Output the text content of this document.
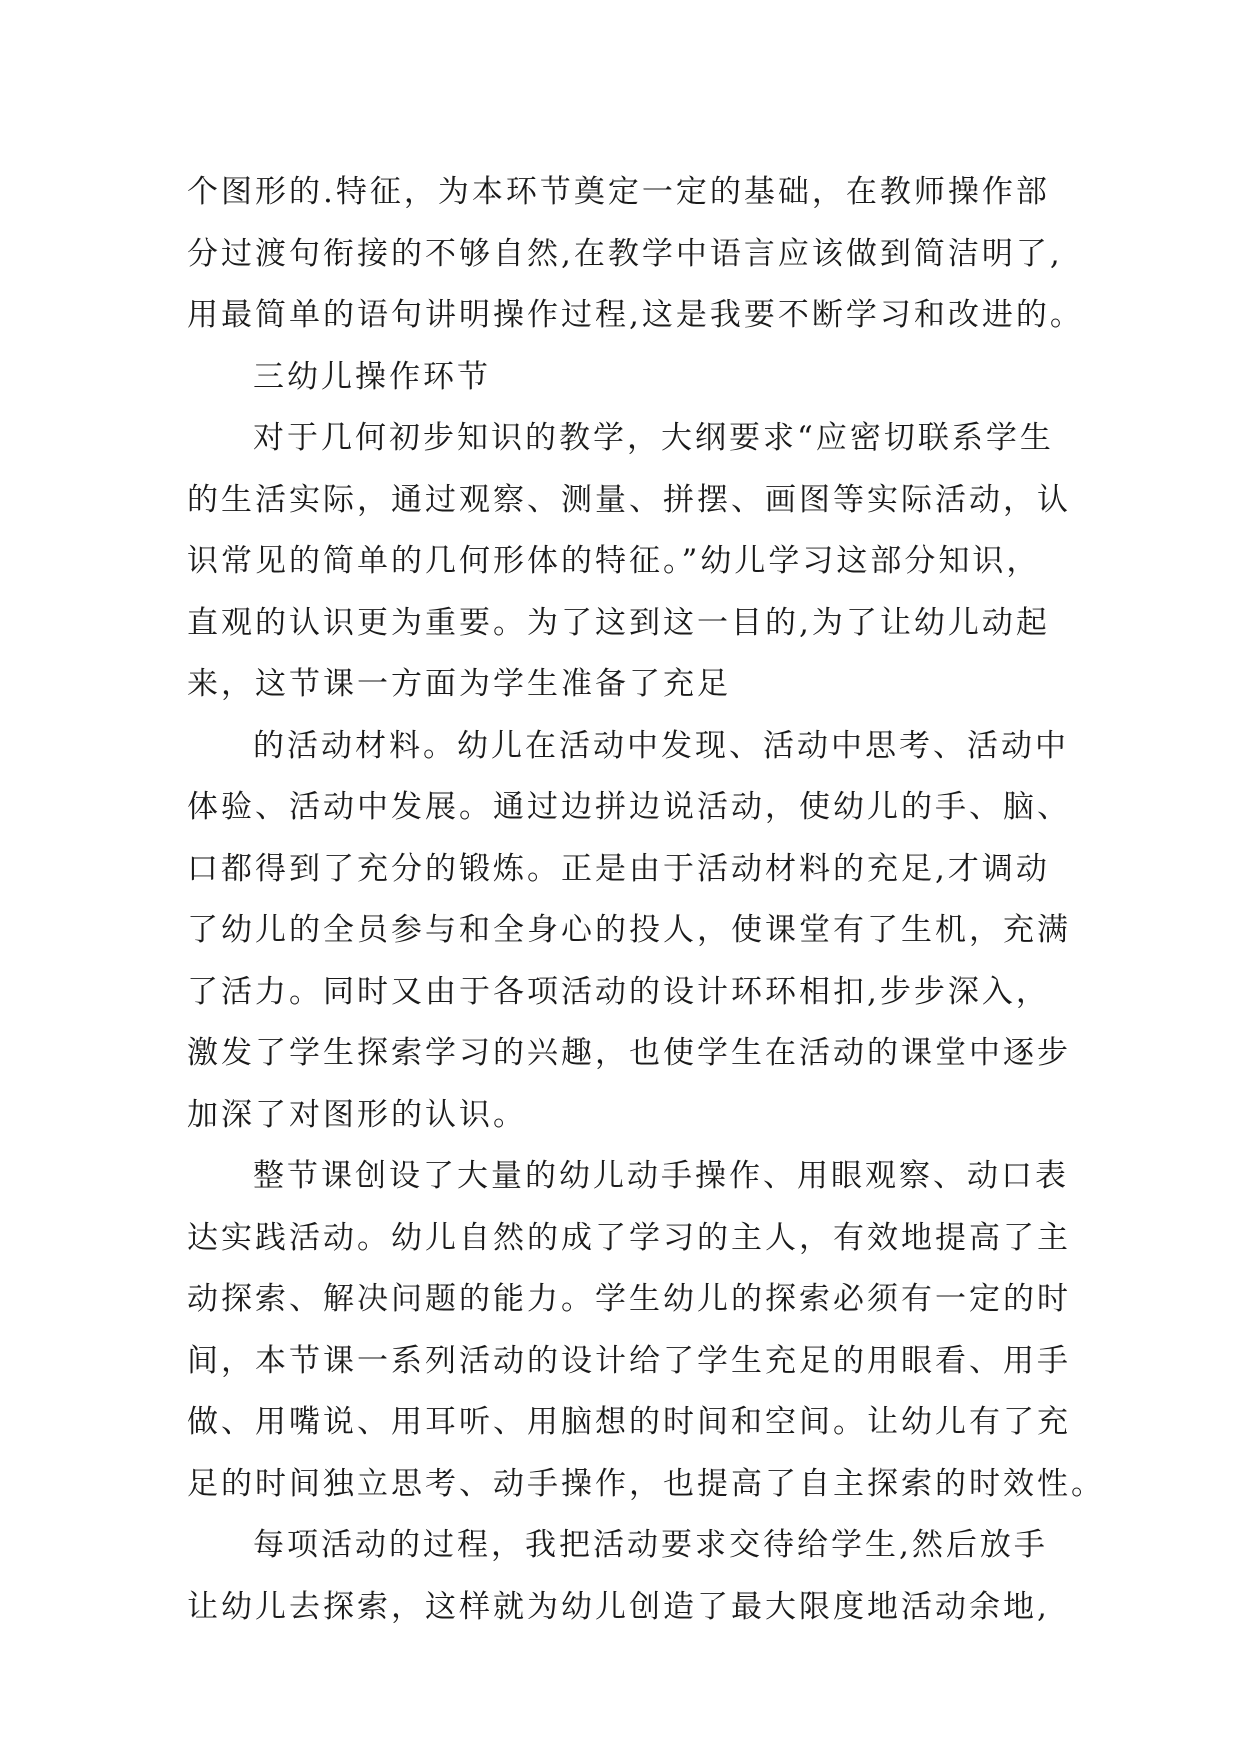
个图形的.特征，为本环节奠定一定的基础，在教师操作部
分过渡句衔接的不够自然,在教学中语言应该做到简洁明了,
用最简单的语句讲明操作过程,这是我要不断学习和改进的。
三幼儿操作环节
对于几何初步知识的教学，大纲要求“应密切联系学生
的生活实际，通过观察、测量、拼摆、画图等实际活动，认
识常见的简单的几何形体的特征。”幼儿学习这部分知识，
直观的认识更为重要。为了这到这一目的,为了让幼儿动起
来，这节课一方面为学生准备了充足
的活动材料。幼儿在活动中发现、活动中思考、活动中
体验、活动中发展。通过边拼边说活动，使幼儿的手、脑、
口都得到了充分的锻炼。正是由于活动材料的充足,才调动
了幼儿的全员参与和全身心的投人，使课堂有了生机，充满
了活力。同时又由于各项活动的设计环环相扣,步步深入，
激发了学生探索学习的兴趣，也使学生在活动的课堂中逐步
加深了对图形的认识。
整节课创设了大量的幼儿动手操作、用眼观察、动口表
达实践活动。幼儿自然的成了学习的主人，有效地提高了主
动探索、解决问题的能力。学生幼儿的探索必须有一定的时
间，本节课一系列活动的设计给了学生充足的用眼看、用手
做、用嘴说、用耳听、用脑想的时间和空间。让幼儿有了充
足的时间独立思考、动手操作，也提高了自主探索的时效性。
每项活动的过程，我把活动要求交待给学生,然后放手
让幼儿去探索，这样就为幼儿创造了最大限度地活动余地,
